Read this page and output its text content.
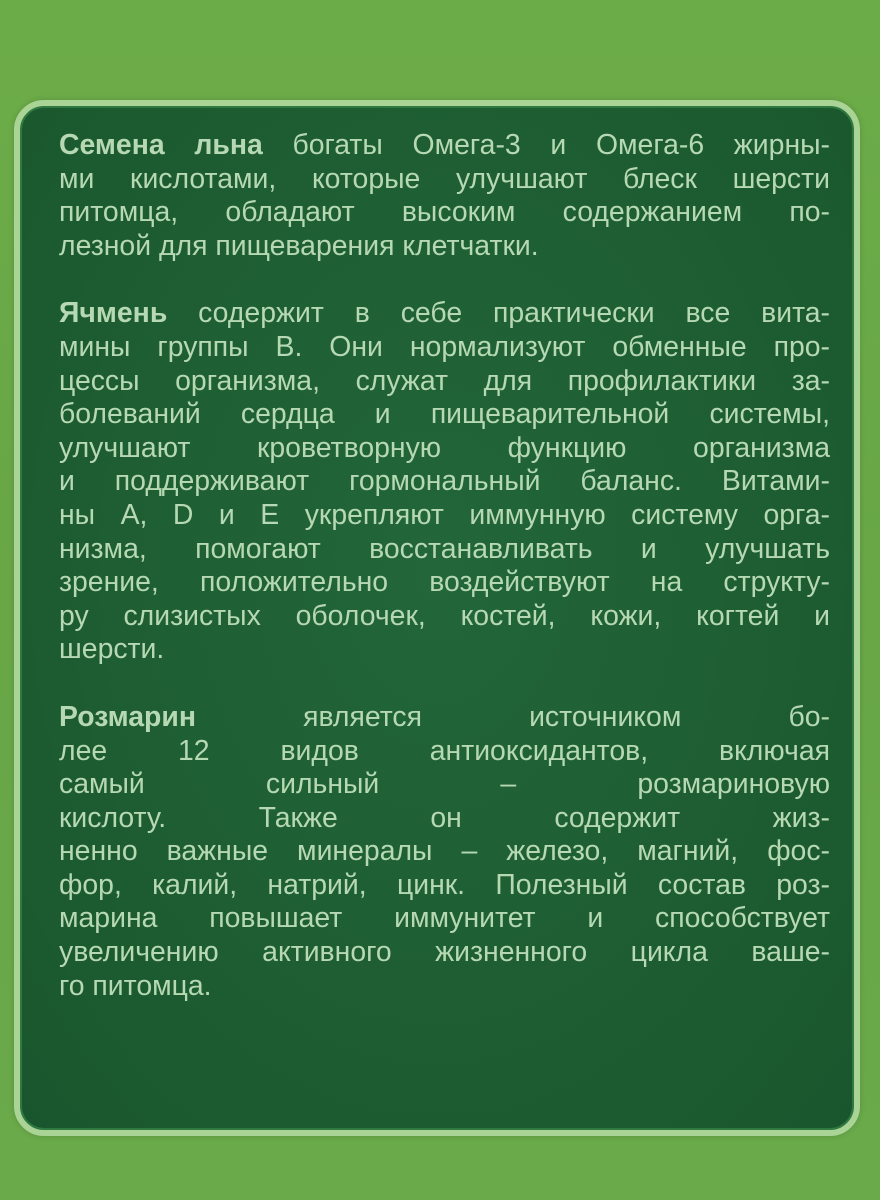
Семена льна богаты Омега-3 и Омега-6 жирны-
ми кислотами, которые улучшают блеск шерсти
питомца, обладают высоким содержанием по-
лезной для пищеварения клетчатки.
Ячмень содержит в себе практически все вита-
мины группы В. Они нормализуют обменные про-
цессы организма, служат для профилактики за-
болеваний сердца и пищеварительной системы,
улучшают кроветворную функцию организма
и поддерживают гормональный баланс. Витами-
ны А, D и E укрепляют иммунную систему орга-
низма, помогают восстанавливать и улучшать
зрение, положительно воздействуют на структу-
ру слизистых оболочек, костей, кожи, когтей и
шерсти.
Розмарин является источником бо-
лее 12 видов антиоксидантов, включая
самый сильный – розмариновую
кислоту. Также он содержит жиз-
ненно важные минералы – железо, магний, фос-
фор, калий, натрий, цинк. Полезный состав роз-
марина повышает иммунитет и способствует
увеличению активного жизненного цикла ваше-
го питомца.
